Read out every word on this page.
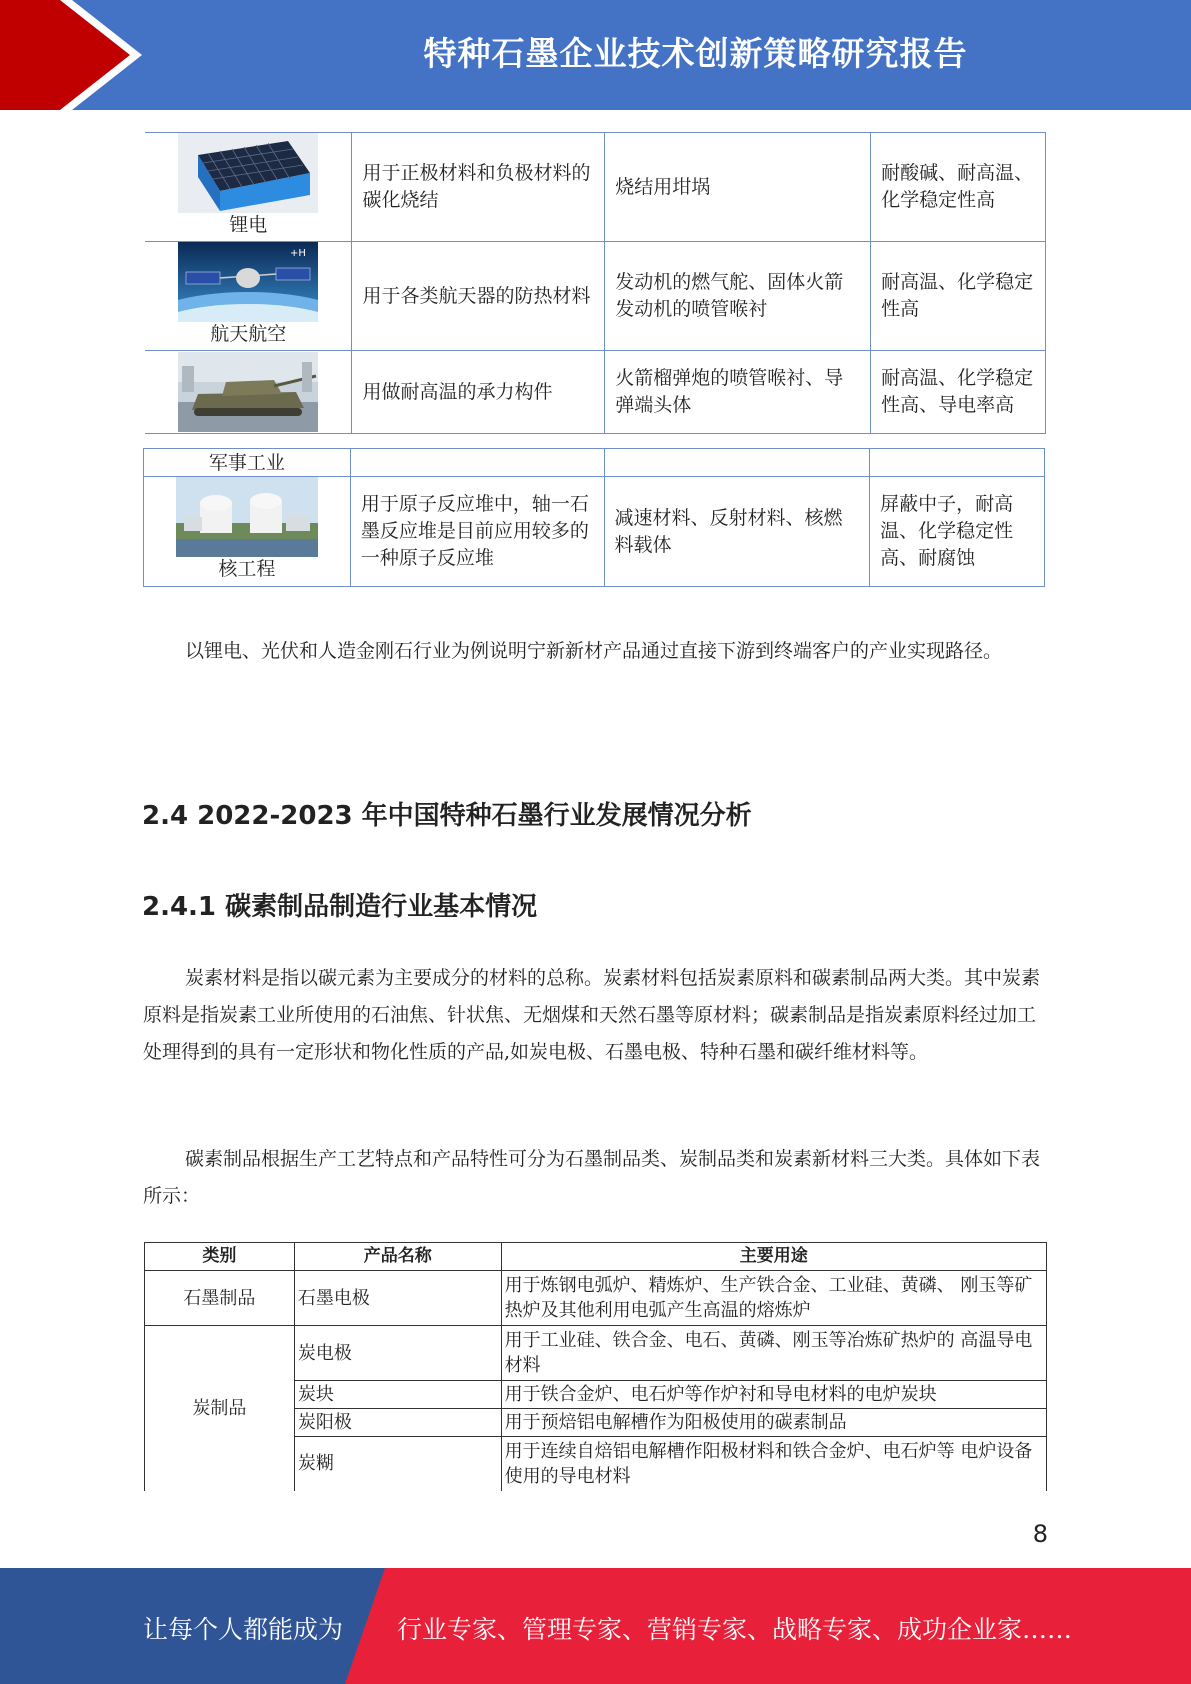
特种石墨企业技术创新策略研究报告
锂电	用于正极材料和负极材料的碳化烧结	烧结用坩埚	耐酸碱、耐高温、化学稳定性高

+H
航天航空	用于各类航天器的防热材料	发动机的燃气舵、固体火箭发动机的喷管喉衬	耐高温、化学稳定性高

	用做耐高温的承力构件	火箭榴弹炮的喷管喉衬、导弹端头体	耐高温、化学稳定性高、导电率高
军事工业			

核工程	用于原子反应堆中，轴一石墨反应堆是目前应用较多的一种原子反应堆	减速材料、反射材料、核燃料载体	屏蔽中子，耐高温、化学稳定性高、耐腐蚀

以锂电、光伏和人造金刚石行业为例说明宁新新材产品通过直接下游到终端客户的产业实现路径。

2.4 2022-2023 年中国特种石墨行业发展情况分析
2.4.1 碳素制品制造行业基本情况

炭素材料是指以碳元素为主要成分的材料的总称。炭素材料包括炭素原料和碳素制品两大类。其中炭素原料是指炭素工业所使用的石油焦、针状焦、无烟煤和天然石墨等原材料；碳素制品是指炭素原料经过加工处理得到的具有一定形状和物化性质的产品,如炭电极、石墨电极、特种石墨和碳纤维材料等。

碳素制品根据生产工艺特点和产品特性可分为石墨制品类、炭制品类和炭素新材料三大类。具体如下表所示：

类别	产品名称	主要用途
石墨制品	石墨电极	用于炼钢电弧炉、精炼炉、生产铁合金、工业硅、黄磷、 刚玉等矿热炉及其他利用电弧产生高温的熔炼炉
炭制品	炭电极	用于工业硅、铁合金、电石、黄磷、刚玉等冶炼矿热炉的 高温导电材料
	炭块	用于铁合金炉、电石炉等作炉衬和导电材料的电炉炭块
	炭阳极	用于预焙铝电解槽作为阳极使用的碳素制品
	炭糊	用于连续自焙铝电解槽作阳极材料和铁合金炉、电石炉等 电炉设备使用的导电材料
8
让每个人都能成为 行业专家、管理专家、营销专家、战略专家、成功企业家……
